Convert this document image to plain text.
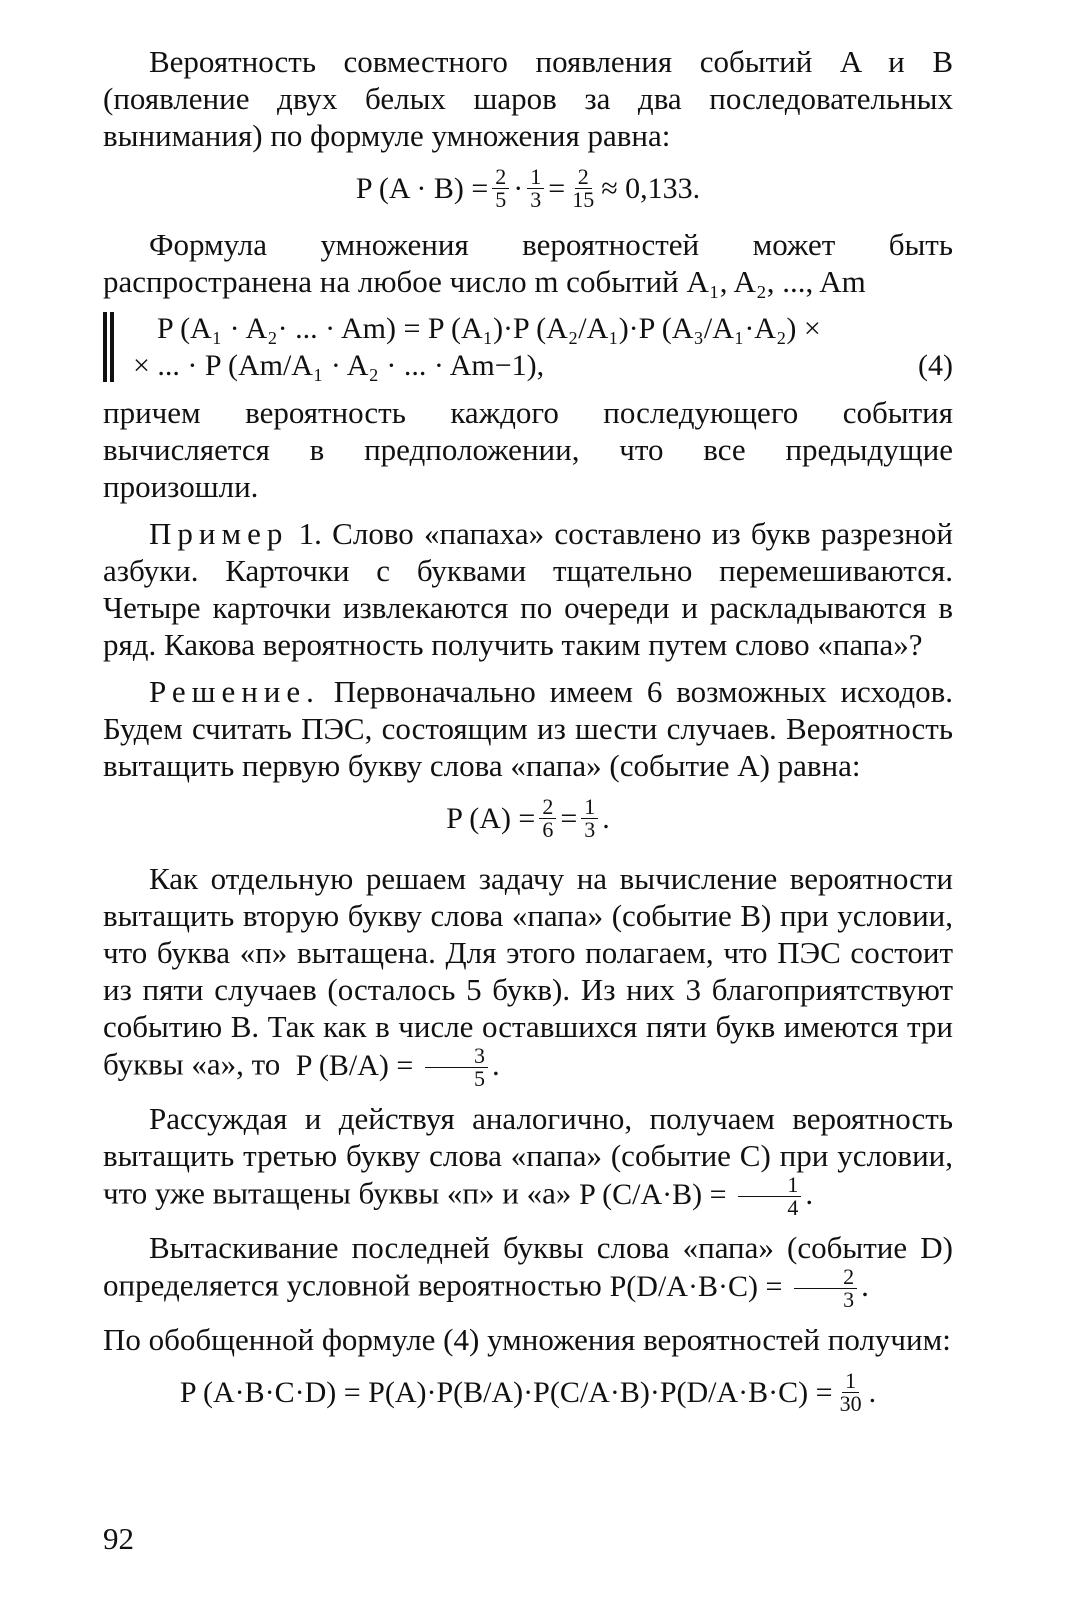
Вероятность совместного появления событий A и B (появление двух белых шаров за два последовательных вынимания) по формуле умножения равна:

P $(A \cdot B) = \frac{2}{5} \cdot \frac{1}{3} = \frac{2}{15} \approx 0,133$.

Формула умножения вероятностей может быть распространена на любое число m событий A₁, A₂, ..., Am

P (A₁ · A₂· ... · Am) = P (A₁)·P (A₂/A₁)·P (A₃/A₁·A₂) ×
× ... · P (Am/A₁ · A₂ · ... · Am−1),	(4)

причем вероятность каждого последующего события вычисляется в предположении, что все предыдущие произошли.

Пример 1. Слово «папаха» составлено из букв разрезной азбуки. Карточки с буквами тщательно перемешиваются. Четыре карточки извлекаются по очереди и раскладываются в ряд. Какова вероятность получить таким путем слово «папа»?

Решение. Первоначально имеем 6 возможных исходов. Будем считать ПЭС, состоящим из шести случаев. Вероятность вытащить первую букву слова «папа» (событие A) равна:

P $(A) = \frac{2}{6} = \frac{1}{3}$ .

Как отдельную решаем задачу на вычисление вероятности вытащить вторую букву слова «папа» (событие B) при условии, что буква «п» вытащена. Для этого полагаем, что ПЭС состоит из пяти случаев (осталось 5 букв). Из них 3 благоприятствуют событию B. Так как в числе оставшихся пяти букв имеются три буквы «а», то P $(B/A) = \frac{3}{5}$ .

Рассуждая и действуя аналогично, получаем вероятность вытащить третью букву слова «папа» (событие C) при условии, что уже вытащены буквы «п» и «а» P $(C/A\cdot B) = \frac{1}{4}$ .

Вытаскивание последней буквы слова «папа» (событие D) определяется условной вероятностью $P(D/A\cdot B\cdot C) = \frac{2}{3}$ .

По обобщенной формуле (4) умножения вероятностей получим:

P $(A\cdot B\cdot C\cdot D) = P(A)\cdot P(B/A)\cdot P(C/A\cdot B)\cdot P(D/A\cdot B\cdot C) = \frac{1}{30}$ .
92
